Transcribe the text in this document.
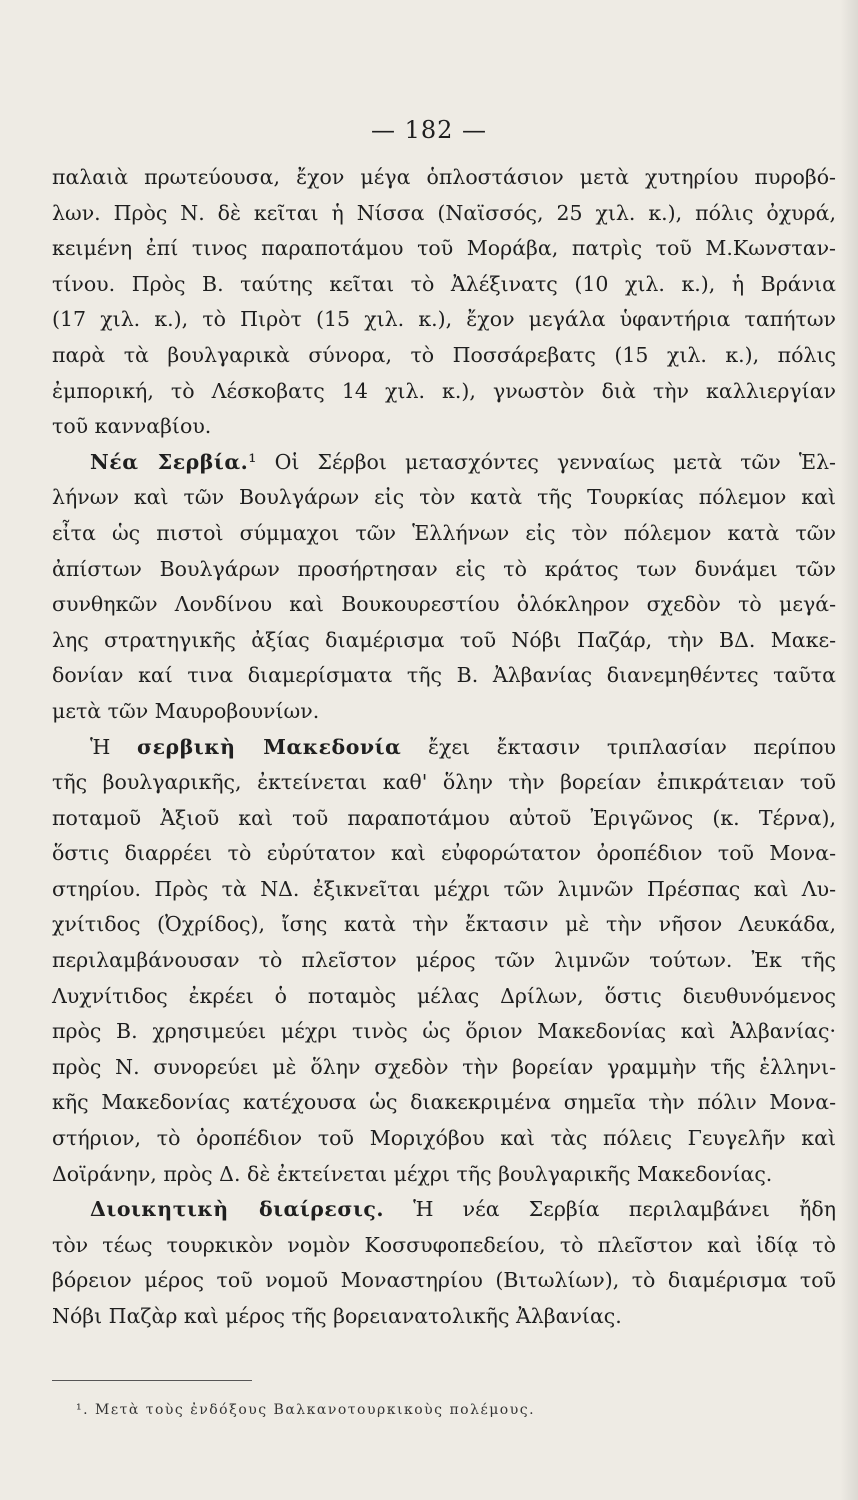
— 182 —
παλαιὰ πρωτεύουσα, ἔχον μέγα ὁπλοστάσιον μετὰ χυτηρίου πυροβό-
λων. Πρὸς Ν. δὲ κεῖται ἡ Νίσσα (Ναϊσσός, 25 χιλ. κ.), πόλις ὀχυρά,
κειμένη ἐπί τινος παραποτάμου τοῦ Μοράβα, πατρὶς τοῦ Μ.Κωνσταν-
τίνου. Πρὸς Β. ταύτης κεῖται τὸ Ἀλέξινατς (10 χιλ. κ.), ἡ Βράνια
(17 χιλ. κ.), τὸ Πιρὸτ (15 χιλ. κ.), ἔχον μεγάλα ὑφαντήρια ταπήτων
παρὰ τὰ βουλγαρικὰ σύνορα, τὸ Ποσσάρεβατς (15 χιλ. κ.), πόλις
ἐμπορική, τὸ Λέσκοβατς 14 χιλ. κ.), γνωστὸν διὰ τὴν καλλιεργίαν
τοῦ κανναβίου.
Νέα Σερβία.¹ Οἱ Σέρβοι μετασχόντες γενναίως μετὰ τῶν Ἑλ-
λήνων καὶ τῶν Βουλγάρων εἰς τὸν κατὰ τῆς Τουρκίας πόλεμον καὶ
εἶτα ὡς πιστοὶ σύμμαχοι τῶν Ἑλλήνων εἰς τὸν πόλεμον κατὰ τῶν
ἀπίστων Βουλγάρων προσήρτησαν εἰς τὸ κράτος των δυνάμει τῶν
συνθηκῶν Λονδίνου καὶ Βουκουρεστίου ὁλόκληρον σχεδὸν τὸ μεγά-
λης στρατηγικῆς ἀξίας διαμέρισμα τοῦ Νόβι Παζάρ, τὴν ΒΔ. Μακε-
δονίαν καί τινα διαμερίσματα τῆς Β. Ἀλβανίας διανεμηθέντες ταῦτα
μετὰ τῶν Μαυροβουνίων.
Ἡ σερβικὴ Μακεδονία ἔχει ἔκτασιν τριπλασίαν περίπου
τῆς βουλγαρικῆς, ἐκτείνεται καθ' ὅλην τὴν βορείαν ἐπικράτειαν τοῦ
ποταμοῦ Ἀξιοῦ καὶ τοῦ παραποτάμου αὐτοῦ Ἐριγῶνος (κ. Τέρνα),
ὅστις διαρρέει τὸ εὐρύτατον καὶ εὐφορώτατον ὀροπέδιον τοῦ Μονα-
στηρίου. Πρὸς τὰ ΝΔ. ἐξικνεῖται μέχρι τῶν λιμνῶν Πρέσπας καὶ Λυ-
χνίτιδος (Ὀχρίδος), ἴσης κατὰ τὴν ἔκτασιν μὲ τὴν νῆσον Λευκάδα,
περιλαμβάνουσαν τὸ πλεῖστον μέρος τῶν λιμνῶν τούτων. Ἐκ τῆς
Λυχνίτιδος ἐκρέει ὁ ποταμὸς μέλας Δρίλων, ὅστις διευθυνόμενος
πρὸς Β. χρησιμεύει μέχρι τινὸς ὡς ὅριον Μακεδονίας καὶ Ἀλβανίας·
πρὸς Ν. συνορεύει μὲ ὅλην σχεδὸν τὴν βορείαν γραμμὴν τῆς ἑλληνι-
κῆς Μακεδονίας κατέχουσα ὡς διακεκριμένα σημεῖα τὴν πόλιν Μονα-
στήριον, τὸ ὀροπέδιον τοῦ Μοριχόβου καὶ τὰς πόλεις Γευγελῆν καὶ
Δοϊράνην, πρὸς Δ. δὲ ἐκτείνεται μέχρι τῆς βουλγαρικῆς Μακεδονίας.
Διοικητικὴ διαίρεσις. Ἡ νέα Σερβία περιλαμβάνει ἤδη
τὸν τέως τουρκικὸν νομὸν Κοσσυφοπεδείου, τὸ πλεῖστον καὶ ἰδίᾳ τὸ
βόρειον μέρος τοῦ νομοῦ Μοναστηρίου (Βιτωλίων), τὸ διαμέρισμα τοῦ
Νόβι Παζὰρ καὶ μέρος τῆς βορειανατολικῆς Ἀλβανίας.
¹. Μετὰ τοὺς ἐνδόξους Βαλκανοτουρκικοὺς πολέμους.
